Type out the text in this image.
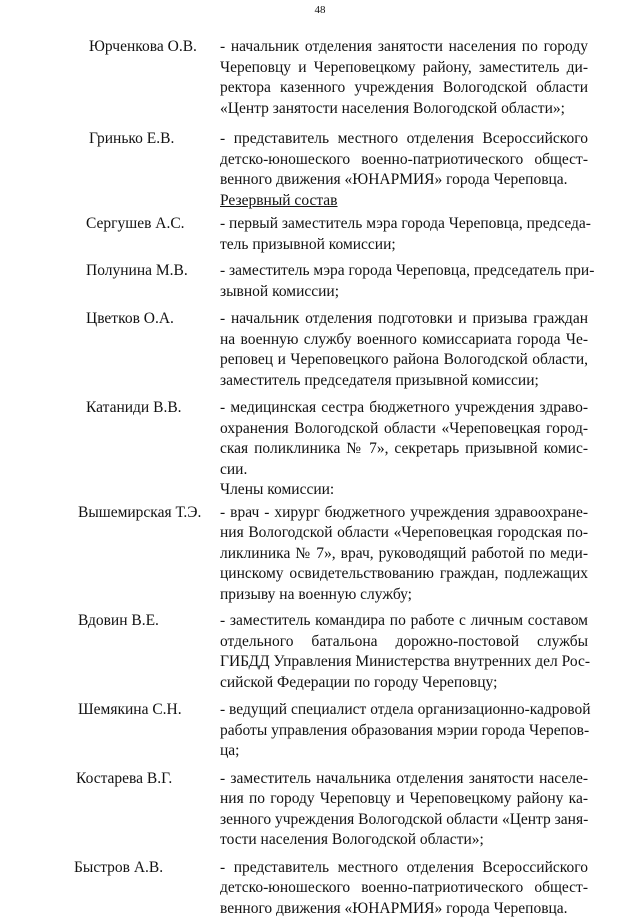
48
Юрченкова О.В. - начальник отделения занятости населения по городу
Череповцу и Череповецкому району, заместитель ди-
ректора казенного учреждения Вологодской области
«Центр занятости населения Вологодской области»;
Гринько Е.В.	- представитель местного отделения Всероссийского
детско-юношеского военно-патриотического общест-
венного движения «ЮНАРМИЯ» города Череповца.
Резервный состав
Сергушев А.С. - первый заместитель мэра города Череповца, председа-
тель призывной комиссии;
Полунина М.В. - заместитель мэра города Череповца, председатель при-
зывной комиссии;
Цветков О.А.	- начальник отделения подготовки и призыва граждан
на военную службу военного комиссариата города Че-
реповец и Череповецкого района Вологодской области,
заместитель председателя призывной комиссии;
Катаниди В.В. - медицинская сестра бюджетного учреждения здраво-
охранения Вологодской области «Череповецкая город-
ская поликлиника № 7», секретарь призывной комис-
сии.
Члены комиссии:
Вышемирская Т.Э. - врач - хирург бюджетного учреждения здравоохране-
ния Вологодской области «Череповецкая городская по-
ликлиника № 7», врач, руководящий работой по меди-
цинскому освидетельствованию граждан, подлежащих
призыву на военную службу;
Вдовин В.Е.	- заместитель командира по работе с личным составом
отдельного батальона дорожно-постовой службы
ГИБДД Управления Министерства внутренних дел Рос-
сийской Федерации по городу Череповцу;
Шемякина С.Н. - ведущий специалист отдела организационно-кадровой
работы управления образования мэрии города Черепов-
ца;
Костарева В.Г.	- заместитель начальника отделения занятости населе-
ния по городу Череповцу и Череповецкому району ка-
зенного учреждения Вологодской области «Центр заня-
тости населения Вологодской области»;
Быстров А.В.	- представитель местного отделения Всероссийского
детско-юношеского военно-патриотического общест-
венного движения «ЮНАРМИЯ» города Череповца.
